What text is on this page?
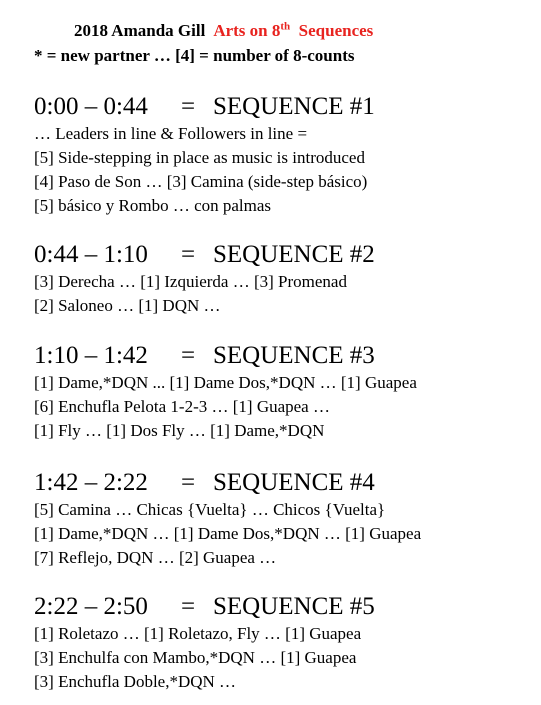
2018 Amanda Gill Arts on 8th Sequences
* = new partner … [4] = number of 8-counts
0:00 – 0:44	= SEQUENCE #1
… Leaders in line & Followers in line =
[5] Side-stepping in place as music is introduced
[4] Paso de Son … [3] Camina (side-step básico)
[5] básico y Rombo … con palmas
0:44 – 1:10	= SEQUENCE #2
[3] Derecha … [1] Izquierda … [3] Promenad
[2] Saloneo … [1] DQN …
1:10 – 1:42	= SEQUENCE #3
[1] Dame,*DQN ... [1] Dame Dos,*DQN … [1] Guapea
[6] Enchufla Pelota 1-2-3 … [1] Guapea …
[1] Fly … [1] Dos Fly … [1] Dame,*DQN
1:42 – 2:22	= SEQUENCE #4
[5] Camina … Chicas {Vuelta} … Chicos {Vuelta}
[1] Dame,*DQN … [1] Dame Dos,*DQN … [1] Guapea
[7] Reflejo, DQN … [2] Guapea …
2:22 – 2:50	= SEQUENCE #5
[1] Roletazo … [1] Roletazo, Fly … [1] Guapea
[3] Enchulfa con Mambo,*DQN … [1] Guapea
[3] Enchufla Doble,*DQN …
